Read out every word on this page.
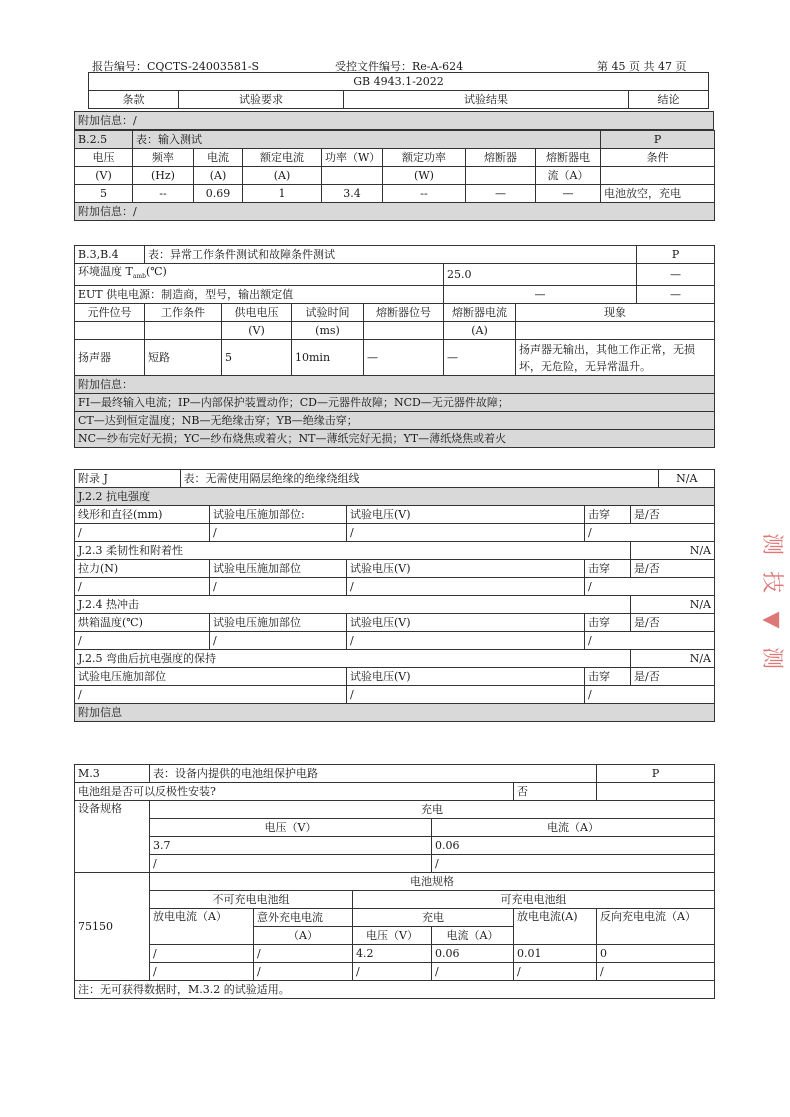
报告编号：CQCTS-24003581-S	受控文件编号：Re-A-624	第 45 页 共 47 页
GB 4943.1-2022
条款	试验要求	试验结果	结论
附加信息：/
B.2.5	表：输入测试							P
电压	频率	电流	额定电流	功率（W）	额定功率	熔断器	熔断器电	条件
(V)	(Hz)	(A)	(A)		(W)		流（A）	
5	--	0.69	1	3.4	--	—	—	电池放空，充电
附加信息：/								
B.3,B.4	表：异常工作条件测试和故障条件测试						P
环境温度 $T_{amb}(℃)$					25.0		—
EUT 供电电源：制造商，型号，输出额定值					—		—
元件位号	工作条件	供电电压	试验时间	熔断器位号	熔断器电流	现象	
		(V)	(ms)		(A)		
扬声器	短路	5	10min	—	—	扬声器无输出，其他工作正常，无损坏，无危险，无异常温升。	
附加信息：							
FI—最终输入电流；IP—内部保护装置动作；CD—元器件故障；NCD—无元器件故障；							
CT—达到恒定温度；NB—无绝缘击穿；YB—绝缘击穿；							
NC—纱布完好无损；YC—纱布烧焦或着火；NT—薄纸完好无损；YT—薄纸烧焦或着火							
附录 J	表：无需使用隔层绝缘的绝缘绕组线	N/A

J.2.2 抗电强度
线形和直径(mm)	试验电压施加部位:	试验电压(V)	击穿	是/否
/	/	/	/
J.2.3 柔韧性和附着性	N/A
拉力(N)	试验电压施加部位	试验电压(V)	击穿	是/否
/	/	/	/
J.2.4 热冲击	N/A
烘箱温度(℃)	试验电压施加部位	试验电压(V)	击穿	是/否
/	/	/	/
J.2.5 弯曲后抗电强度的保持	N/A
试验电压施加部位	试验电压(V)	击穿	是/否
/	/	/
附加信息
M.3	表：设备内提供的电池组保护电路					P
电池组是否可以反极性安装?					否	
设备规格	充电					
	电压（V）			电流（A）		
	3.7			0.06		
	/			/		
75150	电池规格					
	不可充电电池组		可充电电池组			
	放电电流（A）	意外充电电流	充电		放电电流(A)	反向充电电流（A）
		（A）	电压（V）	电流（A）		
	/	/	4.2	0.06	0.01	0
	/	/	/	/	/	/
注：无可获得数据时，M.3.2 的试验适用。						
测
技
▼
测
